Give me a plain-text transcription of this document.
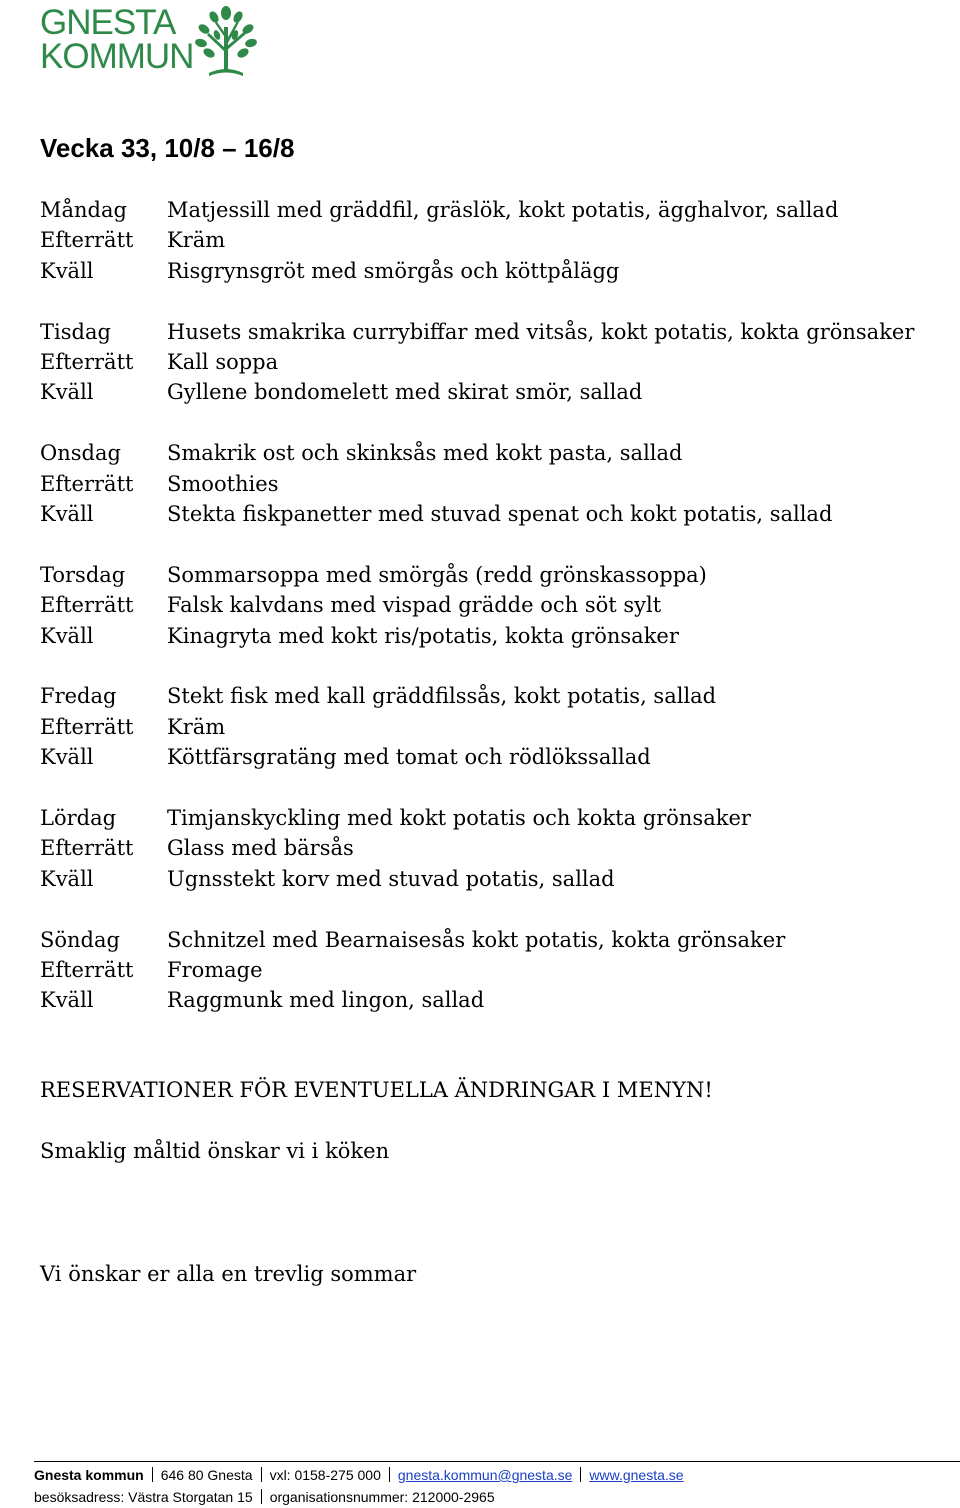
GNESTA
KOMMUN
Vecka 33, 10/8 – 16/8
Måndag	Matjessill med gräddfil, gräslök, kokt potatis, ägghalvor, sallad
Efterrätt	Kräm
Kväll	Risgrynsgröt med smörgås och köttpålägg
Tisdag	Husets smakrika currybiffar med vitsås, kokt potatis, kokta grönsaker
Efterrätt	Kall soppa
Kväll	Gyllene bondomelett med skirat smör, sallad
Onsdag	Smakrik ost och skinksås med kokt pasta, sallad
Efterrätt	Smoothies
Kväll	Stekta fiskpanetter med stuvad spenat och kokt potatis, sallad
Torsdag	Sommarsoppa med smörgås (redd grönskassoppa)
Efterrätt	Falsk kalvdans med vispad grädde och söt sylt
Kväll	Kinagryta med kokt ris/potatis, kokta grönsaker
Fredag	Stekt fisk med kall gräddfilssås, kokt potatis, sallad
Efterrätt	Kräm
Kväll	Köttfärsgratäng med tomat och rödlökssallad
Lördag	Timjanskyckling med kokt potatis och kokta grönsaker
Efterrätt	Glass med bärsås
Kväll	Ugnsstekt korv med stuvad potatis, sallad
Söndag	Schnitzel med Bearnaisesås kokt potatis, kokta grönsaker
Efterrätt	Fromage
Kväll	Raggmunk med lingon, sallad

RESERVATIONER FÖR EVENTUELLA ÄNDRINGAR I MENYN!

Smaklig måltid önskar vi i köken

Vi önskar er alla en trevlig sommar

Gnesta kommun 646 80 Gnesta vxl: 0158-275 000 gnesta.kommun@gnesta.se www.gnesta.se
besöksadress: Västra Storgatan 15 organisationsnummer: 212000-2965
